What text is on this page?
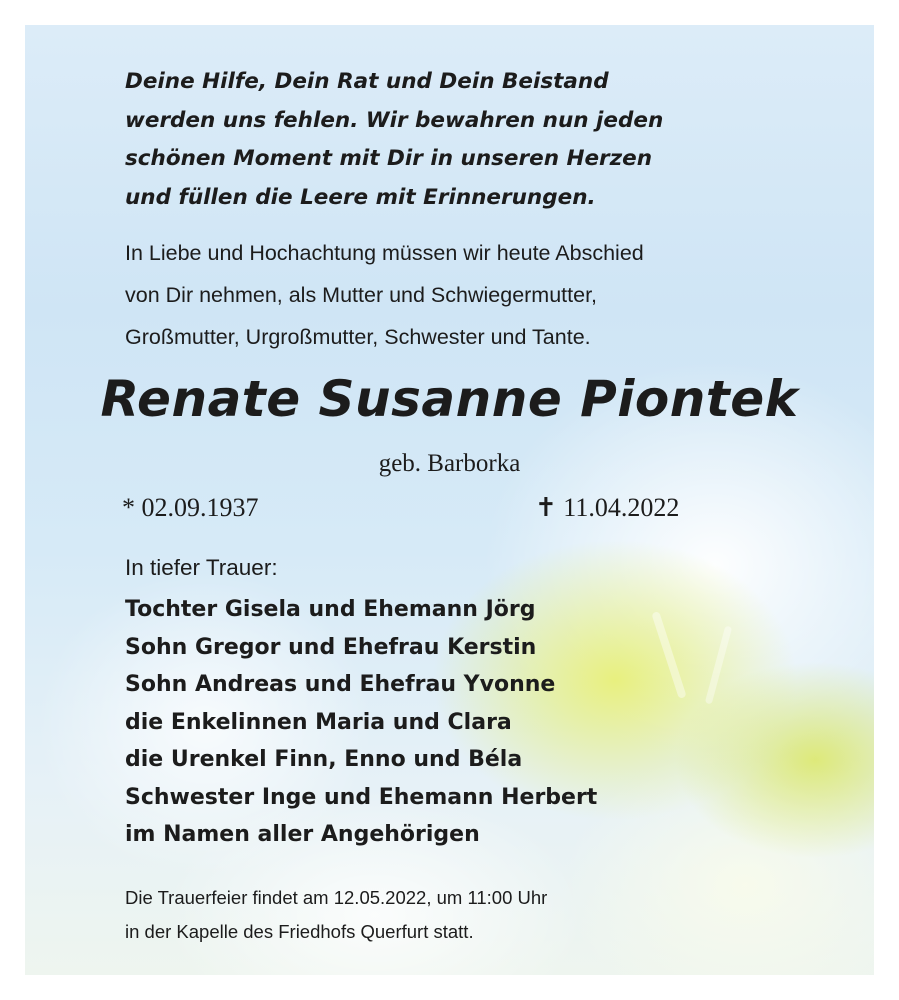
Deine Hilfe, Dein Rat und Dein Beistand
werden uns fehlen. Wir bewahren nun jeden
schönen Moment mit Dir in unseren Herzen
und füllen die Leere mit Erinnerungen.
In Liebe und Hochachtung müssen wir heute Abschied
von Dir nehmen, als Mutter und Schwiegermutter,
Großmutter, Urgroßmutter, Schwester und Tante.
Renate Susanne Piontek
geb. Barborka
* 02.09.1937	✝ 11.04.2022
In tiefer Trauer:
Tochter Gisela und Ehemann Jörg
Sohn Gregor und Ehefrau Kerstin
Sohn Andreas und Ehefrau Yvonne
die Enkelinnen Maria und Clara
die Urenkel Finn, Enno und Béla
Schwester Inge und Ehemann Herbert
im Namen aller Angehörigen
Die Trauerfeier findet am 12.05.2022, um 11:00 Uhr
in der Kapelle des Friedhofs Querfurt statt.
